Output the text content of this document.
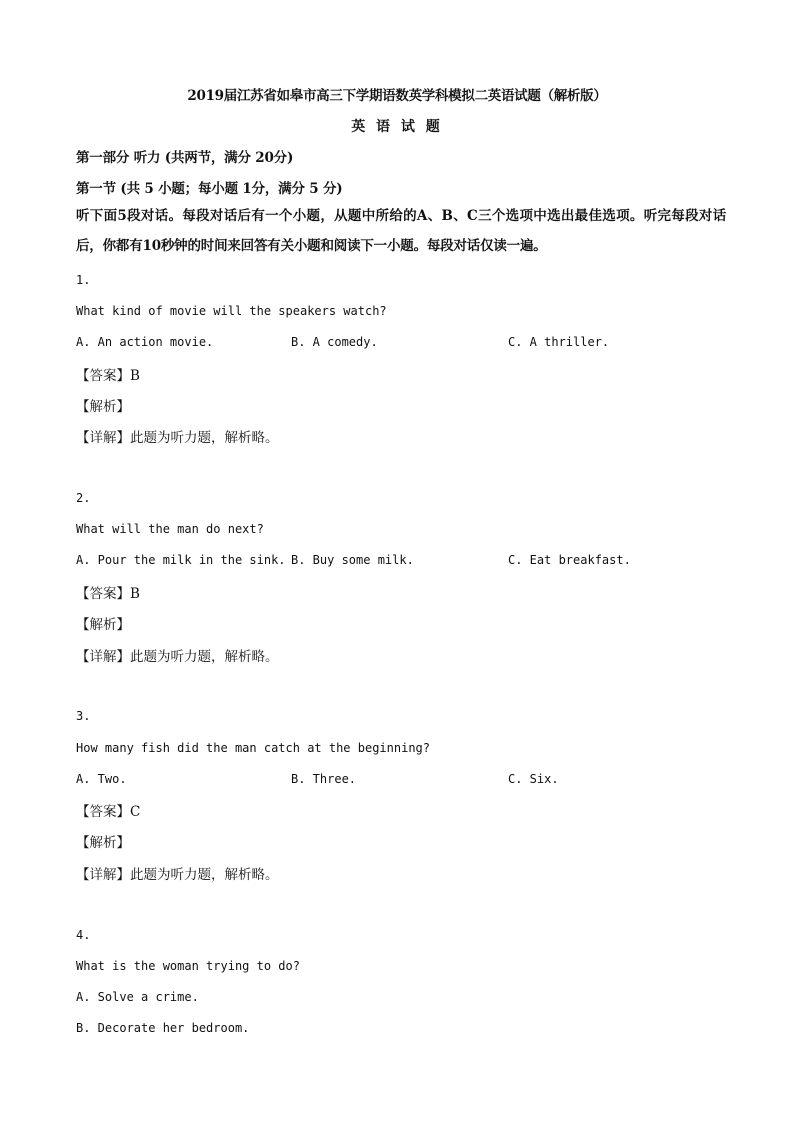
2019届江苏省如皋市高三下学期语数英学科模拟二英语试题（解析版）
英 语 试 题
第一部分 听力 (共两节，满分 20分)
第一节 (共 5 小题；每小题 1分，满分 5 分)
听下面5段对话。每段对话后有一个小题，从题中所给的A、B、C三个选项中选出最佳选项。听完每段对话后，你都有10秒钟的时间来回答有关小题和阅读下一小题。每段对话仅读一遍。
1.
What kind of movie will the speakers watch?
A. An action movie.	B. A comedy.	C. A thriller.
【答案】B
【解析】
【详解】此题为听力题，解析略。
2.
What will the man do next?
A. Pour the milk in the sink. B. Buy some milk.	C. Eat breakfast.
【答案】B
【解析】
【详解】此题为听力题，解析略。
3.
How many fish did the man catch at the beginning?
A. Two.	B. Three.	C. Six.
【答案】C
【解析】
【详解】此题为听力题，解析略。
4.
What is the woman trying to do?
A. Solve a crime.
B. Decorate her bedroom.
